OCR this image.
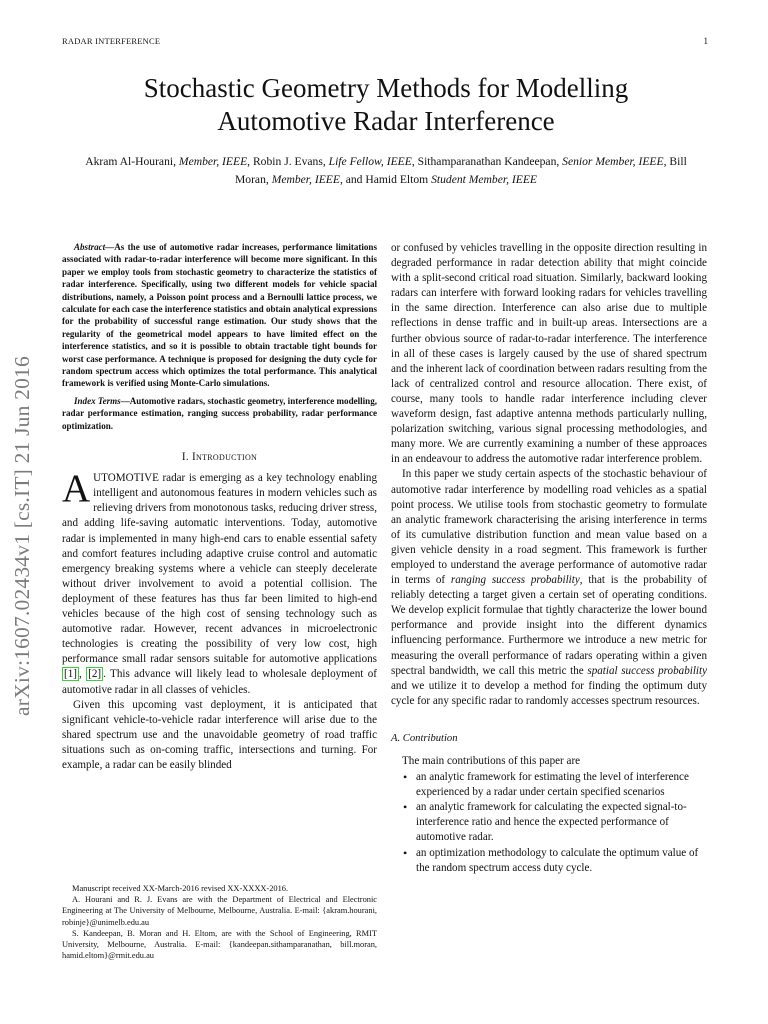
RADAR INTERFERENCE	1
arXiv:1607.02434v1 [cs.IT] 21 Jun 2016
Stochastic Geometry Methods for Modelling
Automotive Radar Interference
Akram Al-Hourani, Member, IEEE, Robin J. Evans, Life Fellow, IEEE, Sithamparanathan Kandeepan, Senior Member, IEEE, Bill Moran, Member, IEEE, and Hamid Eltom Student Member, IEEE

Abstract—As the use of automotive radar increases, performance limitations associated with radar-to-radar interference will become more significant. In this paper we employ tools from stochastic geometry to characterize the statistics of radar interference. Specifically, using two different models for vehicle spacial distributions, namely, a Poisson point process and a Bernoulli lattice process, we calculate for each case the interference statistics and obtain analytical expressions for the probability of successful range estimation. Our study shows that the regularity of the geometrical model appears to have limited effect on the interference statistics, and so it is possible to obtain tractable tight bounds for worst case performance. A technique is proposed for designing the duty cycle for random spectrum access which optimizes the total performance. This analytical framework is verified using Monte-Carlo simulations.

Index Terms—Automotive radars, stochastic geometry, interference modelling, radar performance estimation, ranging success probability, radar performance optimization.

I. Introduction

AUTOMOTIVE radar is emerging as a key technology enabling intelligent and autonomous features in modern vehicles such as relieving drivers from monotonous tasks, reducing driver stress, and adding life-saving automatic interventions. Today, automotive radar is implemented in many high-end cars to enable essential safety and comfort features including adaptive cruise control and automatic emergency breaking systems where a vehicle can steeply decelerate without driver involvement to avoid a potential collision. The deployment of these features has thus far been limited to high-end vehicles because of the high cost of sensing technology such as automotive radar. However, recent advances in microelectronic technologies is creating the possibility of very low cost, high performance small radar sensors suitable for automotive applications [1] , [2] . This advance will likely lead to wholesale deployment of automotive radar in all classes of vehicles.

Given this upcoming vast deployment, it is anticipated that significant vehicle-to-vehicle radar interference will arise due to the shared spectrum use and the unavoidable geometry of road traffic situations such as on-coming traffic, intersections and turning. For example, a radar can be easily blinded

Manuscript received XX-March-2016 revised XX-XXXX-2016.

A. Hourani and R. J. Evans are with the Department of Electrical and Electronic Engineering at The University of Melbourne, Melbourne, Australia. E-mail: {akram.hourani, robinje}@unimelb.edu.au

S. Kandeepan, B. Moran and H. Eltom, are with the School of Engineering, RMIT University, Melbourne, Australia. E-mail: {kandeepan.sithamparanathan, bill.moran, hamid.eltom}@rmit.edu.au

or confused by vehicles travelling in the opposite direction resulting in degraded performance in radar detection ability that might coincide with a split-second critical road situation. Similarly, backward looking radars can interfere with forward looking radars for vehicles travelling in the same direction. Interference can also arise due to multiple reflections in dense traffic and in built-up areas. Intersections are a further obvious source of radar-to-radar interference. The interference in all of these cases is largely caused by the use of shared spectrum and the inherent lack of coordination between radars resulting from the lack of centralized control and resource allocation. There exist, of course, many tools to handle radar interference including clever waveform design, fast adaptive antenna methods particularly nulling, polarization switching, various signal processing methodologies, and many more. We are currently examining a number of these approaces in an endeavour to address the automotive radar interference problem.

In this paper we study certain aspects of the stochastic behaviour of automotive radar interference by modelling road vehicles as a spatial point process. We utilise tools from stochastic geometry to formulate an analytic framework characterising the arising interference in terms of its cumulative distribution function and mean value based on a given vehicle density in a road segment. This framework is further employed to understand the average performance of automotive radar in terms of ranging success probability, that is the probability of reliably detecting a target given a certain set of operating conditions. We develop explicit formulae that tightly characterize the lower bound performance and provide insight into the different dynamics influencing performance. Furthermore we introduce a new metric for measuring the overall performance of radars operating within a given spectral bandwidth, we call this metric the spatial success probability and we utilize it to develop a method for finding the optimum duty cycle for any specific radar to randomly accesses spectrum resources.

A. Contribution

The main contributions of this paper are

• an analytic framework for estimating the level of interference experienced by a radar under certain specified scenarios
• an analytic framework for calculating the expected signal-to-interference ratio and hence the expected performance of automotive radar.
• an optimization methodology to calculate the optimum value of the random spectrum access duty cycle.
